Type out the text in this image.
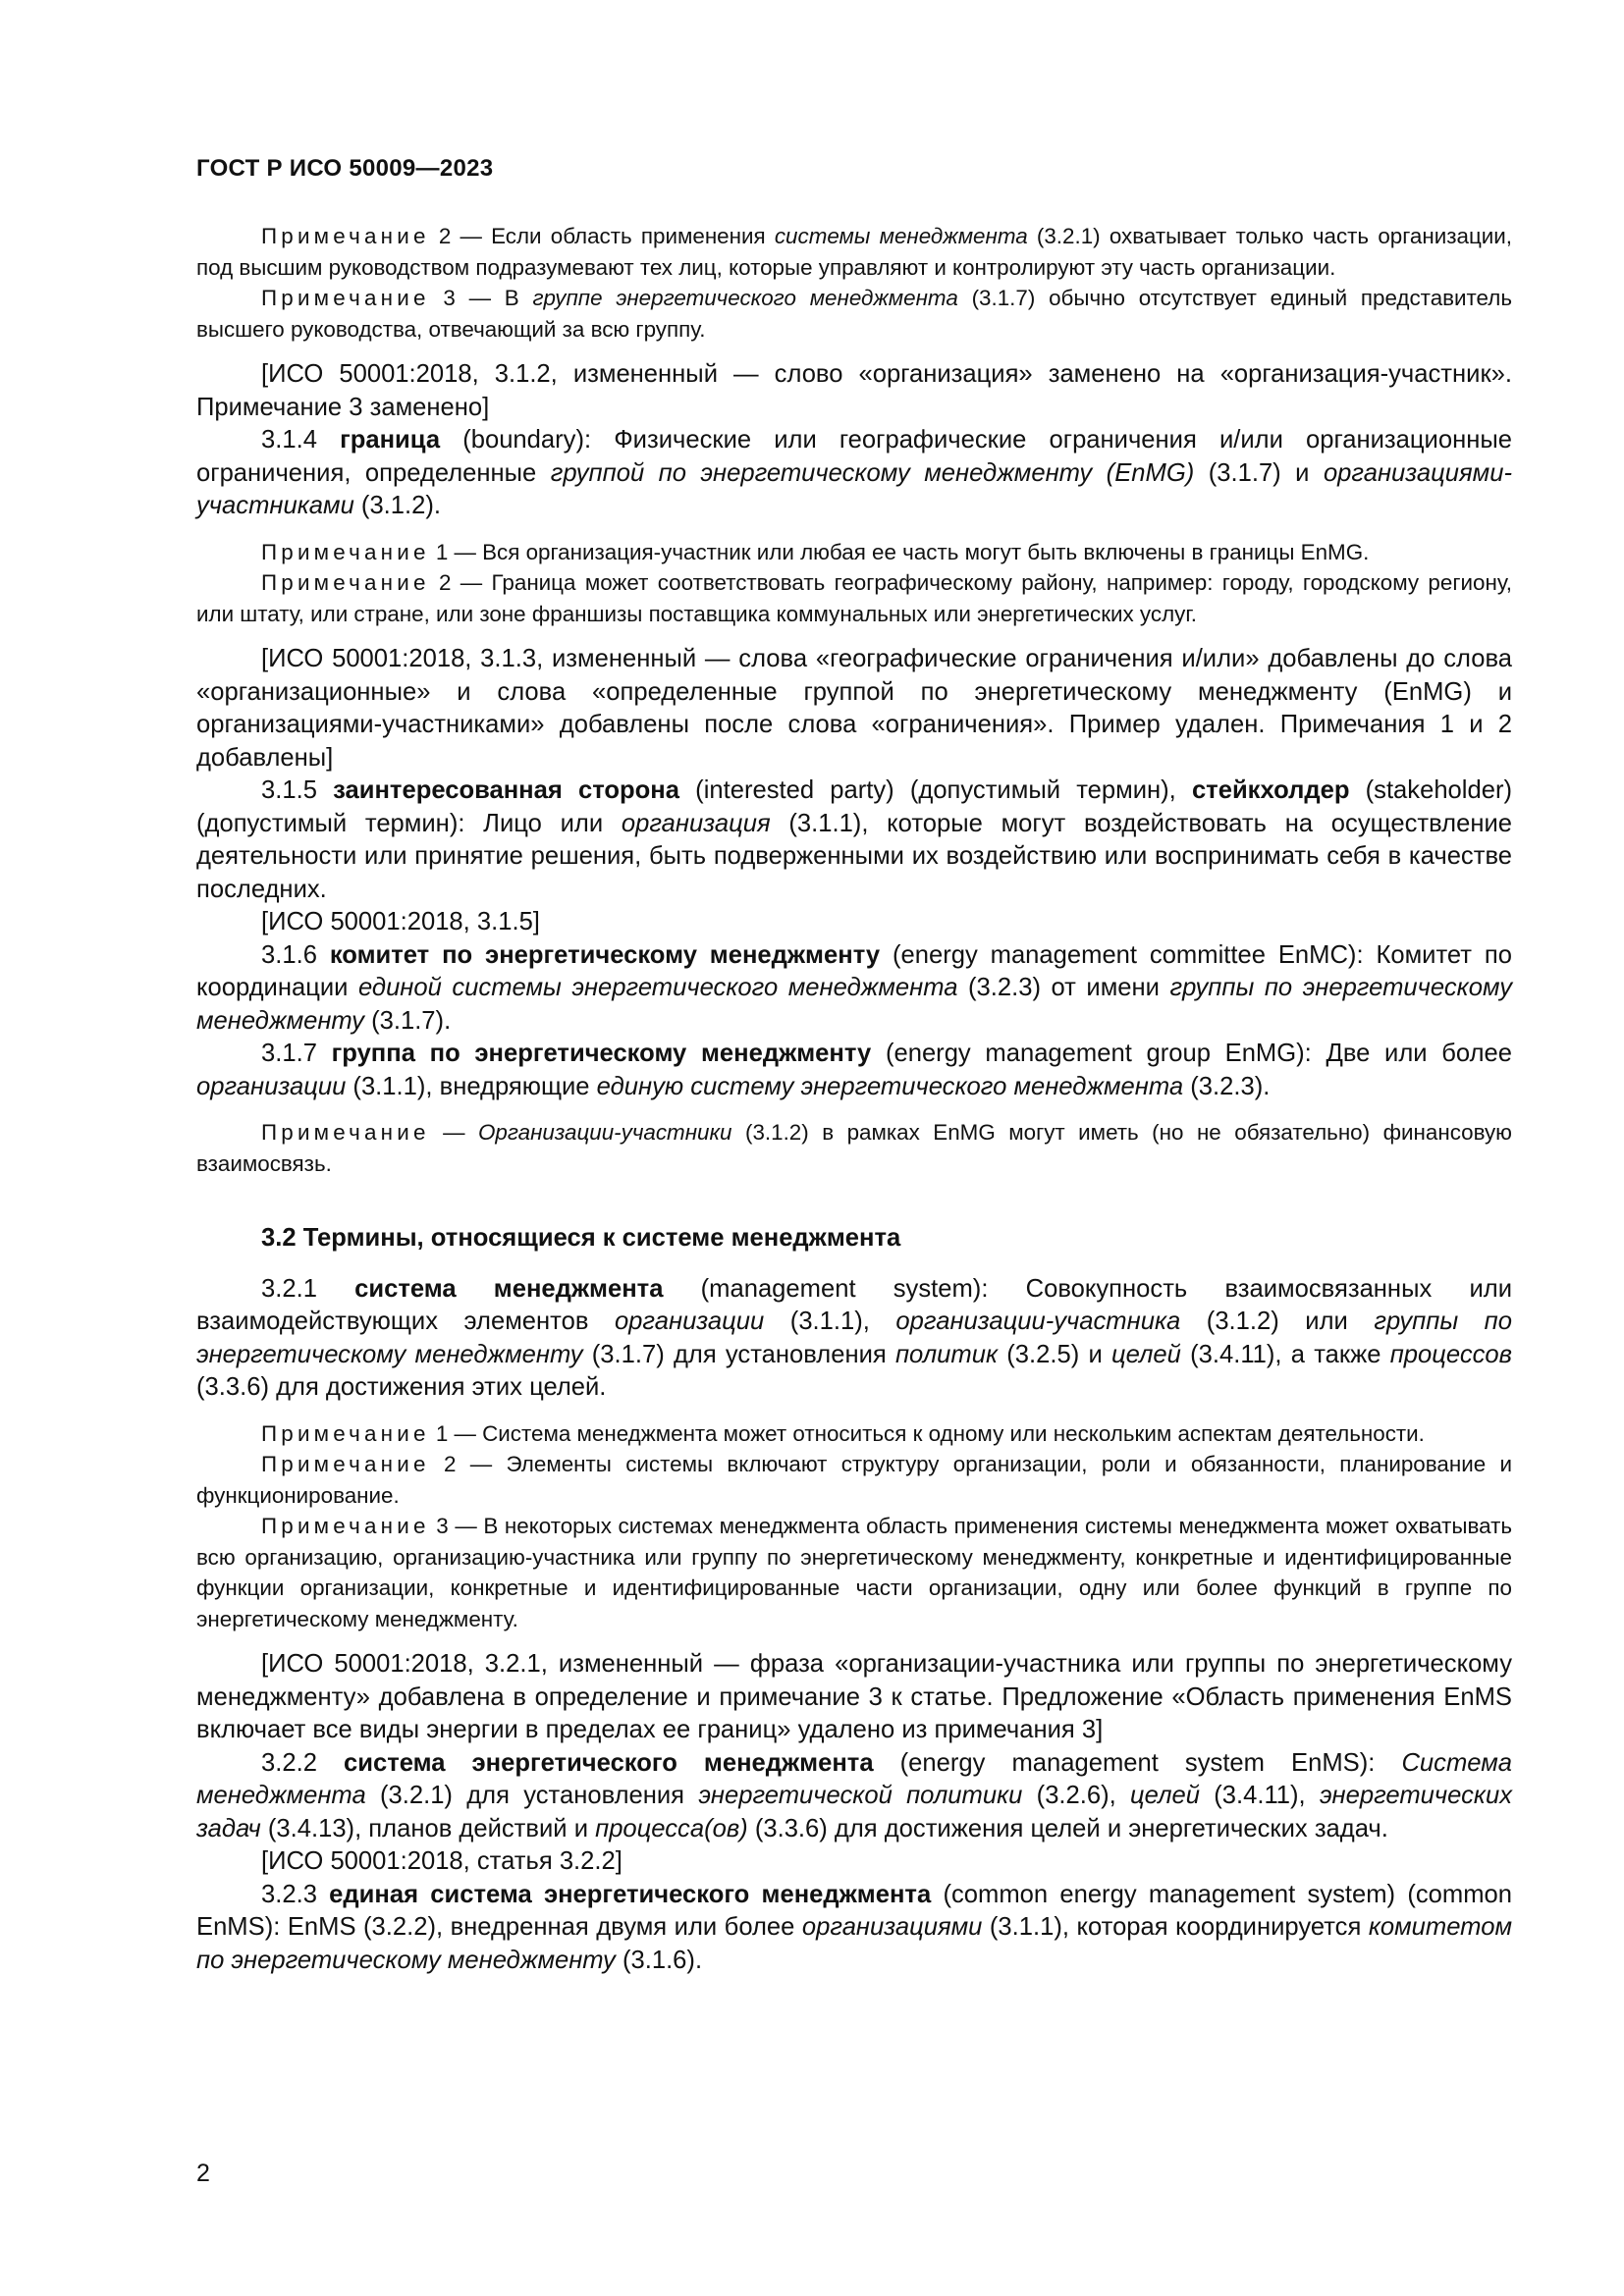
ГОСТ Р ИСО 50009—2023

Примечание 2 — Если область применения системы менеджмента (3.2.1) охватывает только часть организации, под высшим руководством подразумевают тех лиц, которые управляют и контролируют эту часть организации.

Примечание 3 — В группе энергетического менеджмента (3.1.7) обычно отсутствует единый представитель высшего руководства, отвечающий за всю группу.

[ИСО 50001:2018, 3.1.2, измененный — слово «организация» заменено на «организация-участник». Примечание 3 заменено]

3.1.4 граница (boundary): Физические или географические ограничения и/или организационные ограничения, определенные группой по энергетическому менеджменту (EnMG) (3.1.7) и организациями-участниками (3.1.2).

Примечание 1 — Вся организация-участник или любая ее часть могут быть включены в границы EnMG.

Примечание 2 — Граница может соответствовать географическому району, например: городу, городскому региону, или штату, или стране, или зоне франшизы поставщика коммунальных или энергетических услуг.

[ИСО 50001:2018, 3.1.3, измененный — слова «географические ограничения и/или» добавлены до слова «организационные» и слова «определенные группой по энергетическому менеджменту (EnMG) и организациями-участниками» добавлены после слова «ограничения». Пример удален. Примечания 1 и 2 добавлены]

3.1.5 заинтересованная сторона (interested party) (допустимый термин), стейкхолдер (stakeholder) (допустимый термин): Лицо или организация (3.1.1), которые могут воздействовать на осуществление деятельности или принятие решения, быть подверженными их воздействию или воспринимать себя в качестве последних.

[ИСО 50001:2018, 3.1.5]

3.1.6 комитет по энергетическому менеджменту (energy management committee EnMC): Комитет по координации единой системы энергетического менеджмента (3.2.3) от имени группы по энергетическому менеджменту (3.1.7).

3.1.7 группа по энергетическому менеджменту (energy management group EnMG): Две или более организации (3.1.1), внедряющие единую систему энергетического менеджмента (3.2.3).

Примечание — Организации-участники (3.1.2) в рамках EnMG могут иметь (но не обязательно) финансовую взаимосвязь.

3.2 Термины, относящиеся к системе менеджмента

3.2.1 система менеджмента (management system): Совокупность взаимосвязанных или взаимодействующих элементов организации (3.1.1), организации-участника (3.1.2) или группы по энергетическому менеджменту (3.1.7) для установления политик (3.2.5) и целей (3.4.11), а также процессов (3.3.6) для достижения этих целей.

Примечание 1 — Система менеджмента может относиться к одному или нескольким аспектам деятельности.

Примечание 2 — Элементы системы включают структуру организации, роли и обязанности, планирование и функционирование.

Примечание 3 — В некоторых системах менеджмента область применения системы менеджмента может охватывать всю организацию, организацию-участника или группу по энергетическому менеджменту, конкретные и идентифицированные функции организации, конкретные и идентифицированные части организации, одну или более функций в группе по энергетическому менеджменту.

[ИСО 50001:2018, 3.2.1, измененный — фраза «организации-участника или группы по энергетическому менеджменту» добавлена в определение и примечание 3 к статье. Предложение «Область применения EnMS включает все виды энергии в пределах ее границ» удалено из примечания 3]

3.2.2 система энергетического менеджмента (energy management system EnMS): Система менеджмента (3.2.1) для установления энергетической политики (3.2.6), целей (3.4.11), энергетических задач (3.4.13), планов действий и процесса(ов) (3.3.6) для достижения целей и энергетических задач.

[ИСО 50001:2018, статья 3.2.2]

3.2.3 единая система энергетического менеджмента (common energy management system) (common EnMS): EnMS (3.2.2), внедренная двумя или более организациями (3.1.1), которая координируется комитетом по энергетическому менеджменту (3.1.6).

2
